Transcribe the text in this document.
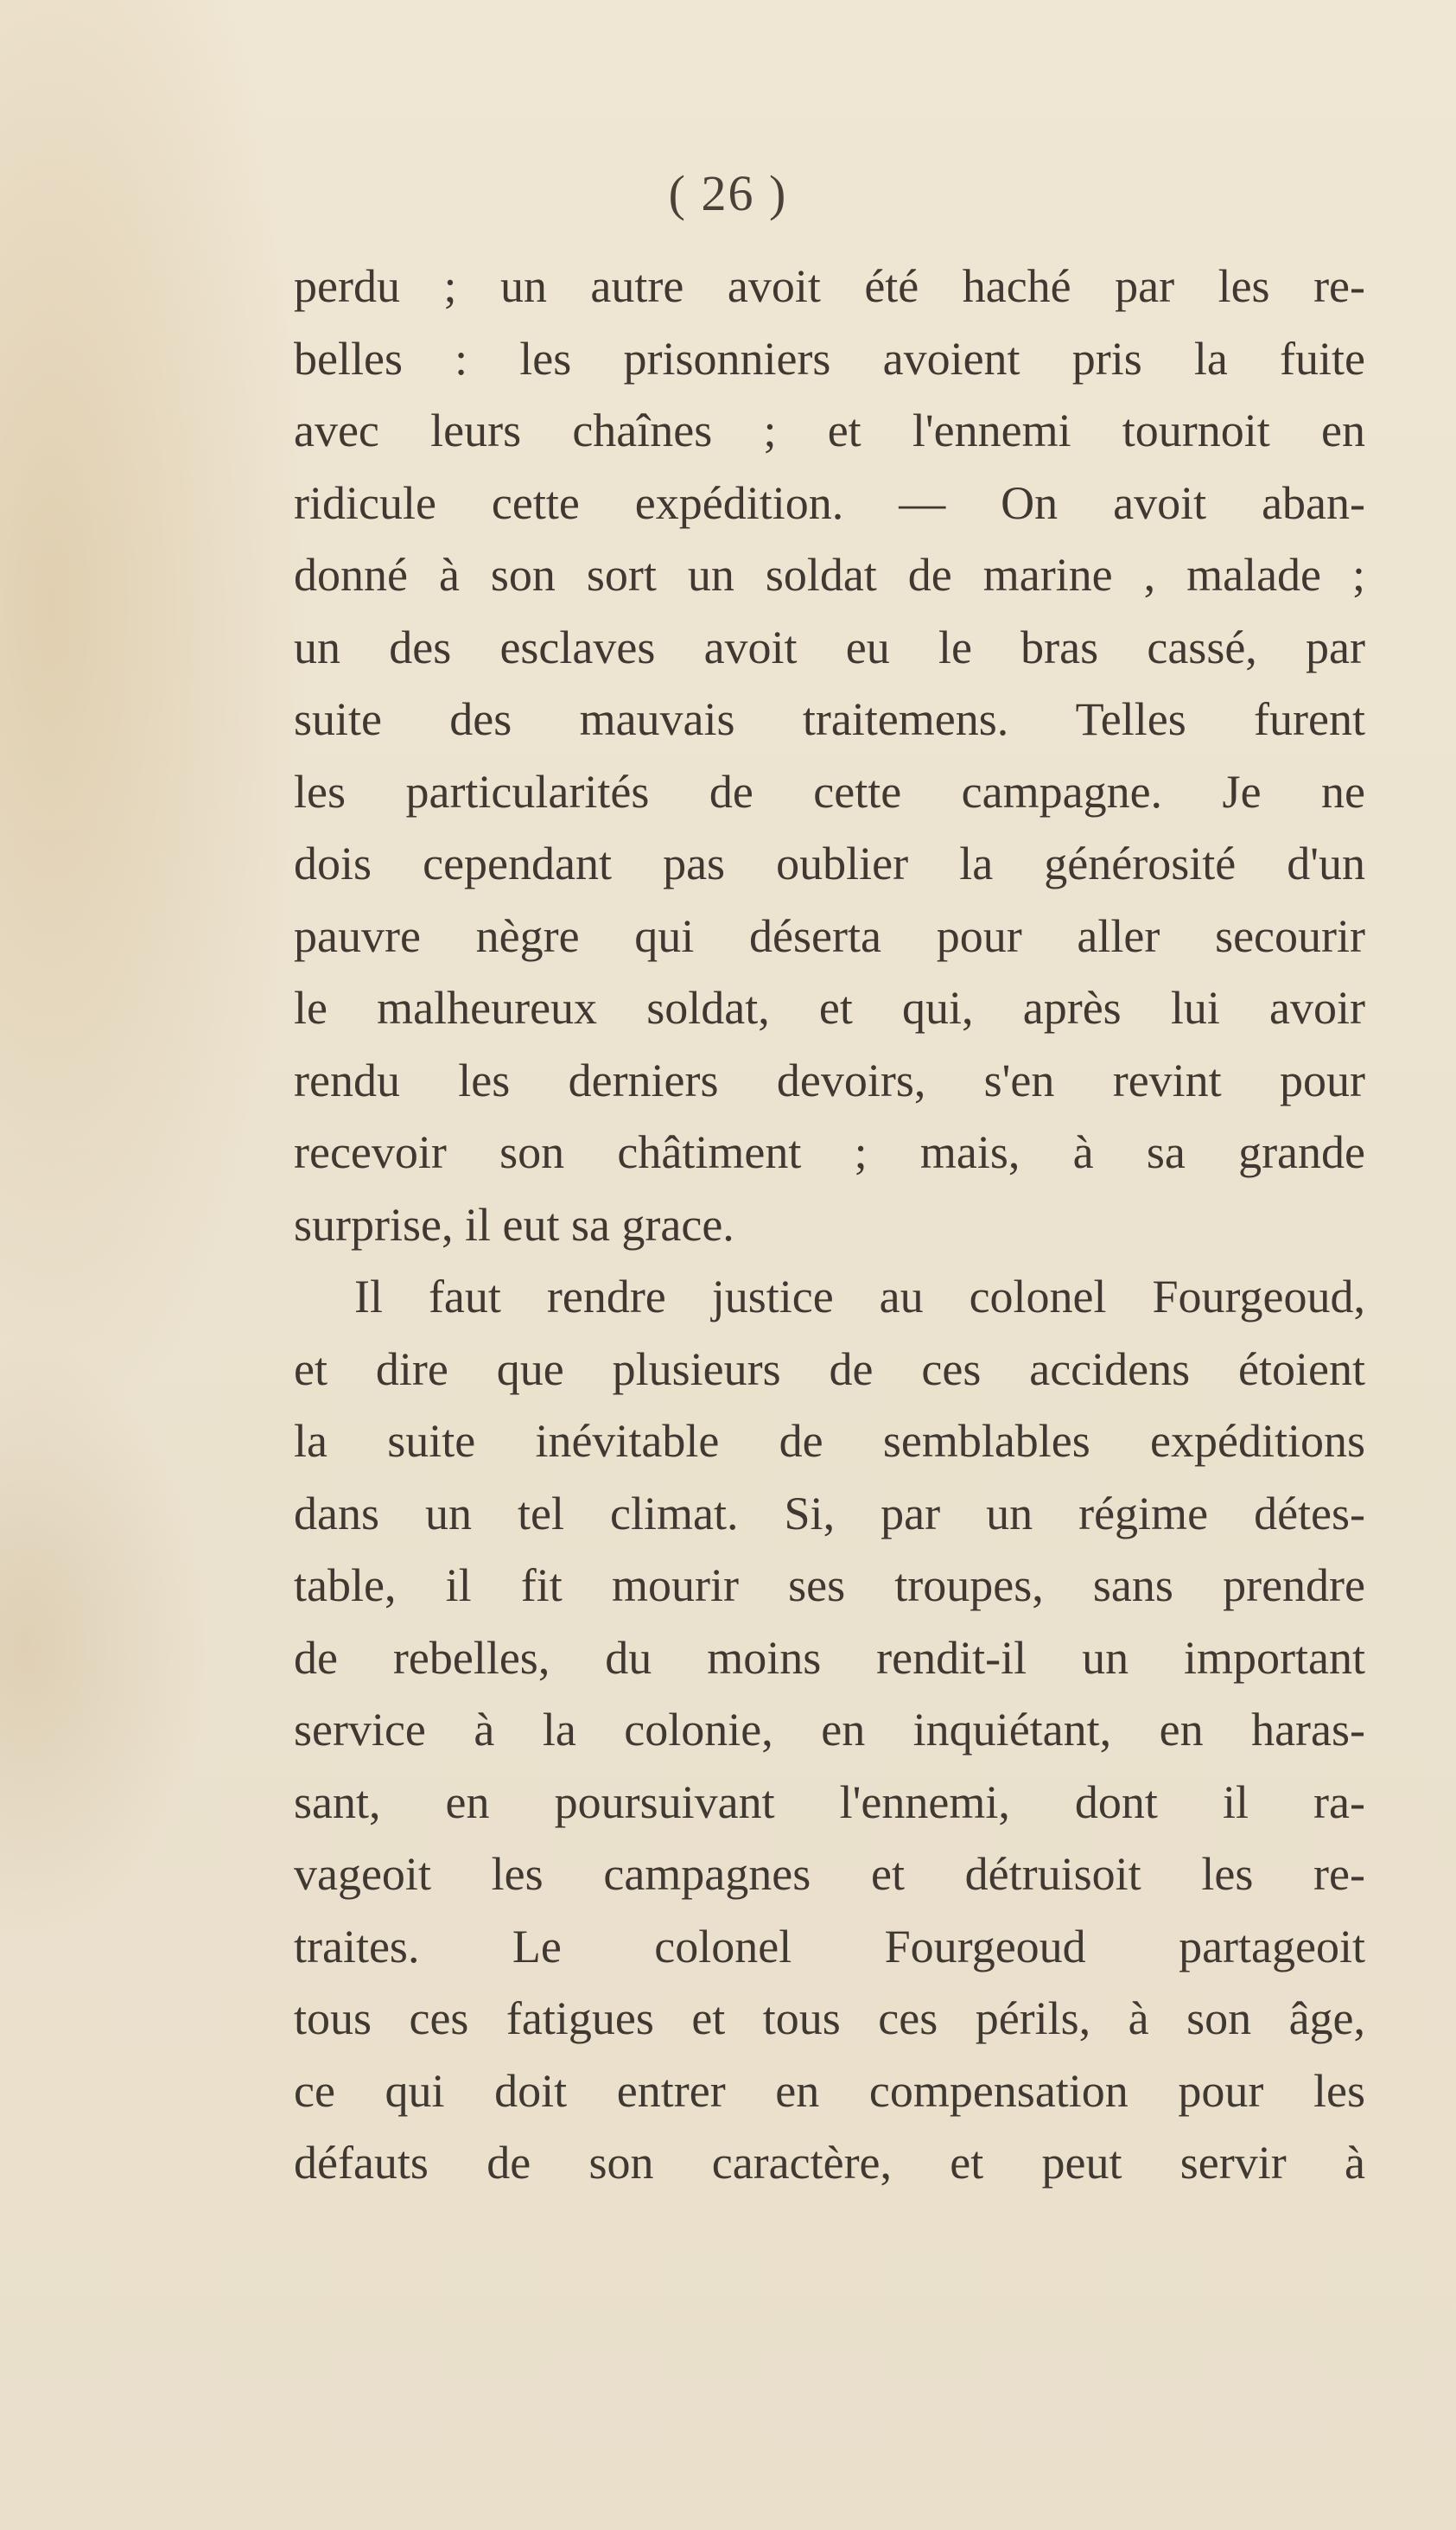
( 26 )
perdu ; un autre avoit été haché par les re-
belles : les prisonniers avoient pris la fuite
avec leurs chaînes ; et l'ennemi tournoit en
ridicule cette expédition. — On avoit aban-
donné à son sort un soldat de marine , malade ;
un des esclaves avoit eu le bras cassé, par
suite des mauvais traitemens. Telles furent
les particularités de cette campagne. Je ne
dois cependant pas oublier la générosité d'un
pauvre nègre qui déserta pour aller secourir
le malheureux soldat, et qui, après lui avoir
rendu les derniers devoirs, s'en revint pour
recevoir son châtiment ; mais, à sa grande
surprise, il eut sa grace.
Il faut rendre justice au colonel Fourgeoud,
et dire que plusieurs de ces accidens étoient
la suite inévitable de semblables expéditions
dans un tel climat. Si, par un régime détes-
table, il fit mourir ses troupes, sans prendre
de rebelles, du moins rendit-il un important
service à la colonie, en inquiétant, en haras-
sant, en poursuivant l'ennemi, dont il ra-
vageoit les campagnes et détruisoit les re-
traites. Le colonel Fourgeoud partageoit
tous ces fatigues et tous ces périls, à son âge,
ce qui doit entrer en compensation pour les
défauts de son caractère, et peut servir à
